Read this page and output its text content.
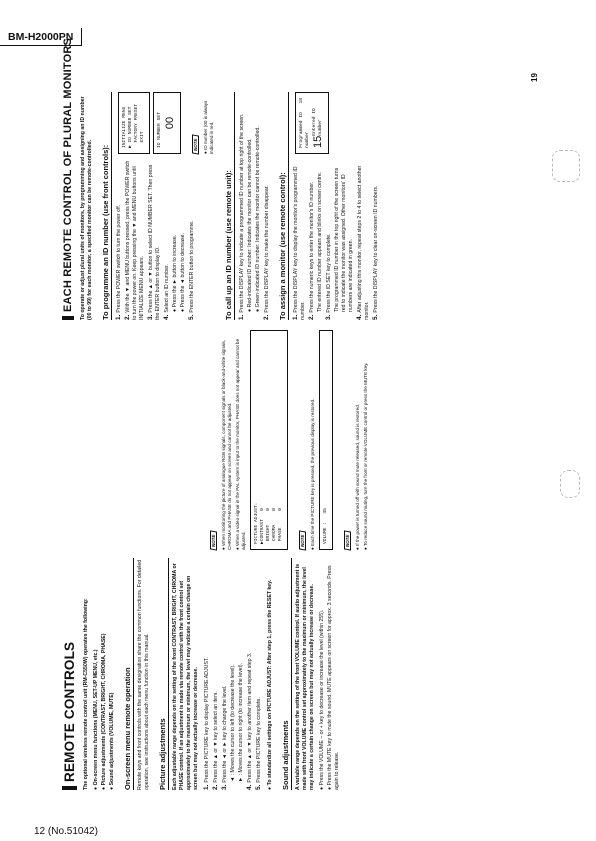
BM-H2000PN
12 (No.51042)
19
REMOTE CONTROLS The optional wireless remote control unit (RM-C550W) operates the following: ● On-screen menu functions (MENU, SET-UP MENU, etc.)
● Picture adjustments (CONTRAST, BRIGHT, CHROMA, PHASE)
● Sound adjustments (VOLUME, MUTE) On-screen menu remote operation Remote keys and front controls with the same designation share the common functions. For detailed operation, see instructions about each menu function in this manual. Picture adjustments Each adjustable range depends on the setting of the front CONTRAST, BRIGHT, CHROMA or PHASE control. If an adjustment is made via remote control with the front control set approximately to the maximum or minimum, the level may indicate a certain change on screen but may not actually increase or decrease. 1.Press the PICTURE key to display PICTURE ADJUST.
2.Press the ▲ or ▼ key to select an item.
3.Press the ◄ or ► key to change the level. ◄ : Moves the cursor to left (to decrease the level). ► : Moves the cursor to right (to increase the level).
4.Press the ▲ or ▼ key to another item and repeat step 3.
5.Press the PICTURE key to complete.
● To standardize all settings on PICTURE ADJUST: After step 1, press the RESET key. Sound adjustments A variable range depends on the setting of the front VOLUME control. If audio adjustment is made with front VOLUME control set approximately to the maximum or minimum, the level may indicate a certain change on screen but may not actually increase or decrease. ● Press the VOLUME – or + key to decrease or increase the level (within 255).
● Press the MUTE key to mute the sound. MUTE appears on screen for approx. 3 seconds. Press again to release.
NOTE
● When monitoring the picture of analogue RGB signals, component signals or black-and-white signals, CHROMA and PHASE do not appear on screen and cannot be adjusted. ● When a video signal in the PAL system is input to the monitor, PHASE does not appear and cannot be adjusted. PICTURE ADJUST: ▶CONTRAST   0 BRIGHT     0 CHROMA     0 PHASE      0	NOTE
● Each time the PICTURE key is pressed, the previous display is restored.	VOLUME :   45	NOTE
● If the power is turned off with sound mute released, sound is restored.
● To reduce sound muting, turn the front or remote VOLUME control or press the MUTE key.
EACH REMOTE CONTROL OF PLURAL MONITORS To operate or adjust plural units of monitors, by programming and assigning an ID number (00 to 99) for each monitor, a specified monitor can be remote-controlled. To programme an ID number (use front controls): 1.Press the POWER switch to turn the power off.
2.With the ▼ and MENU buttons pressed, press the POWER switch to turn the power on. Keep pressing the ▼ and MENU buttons until INITIALIZE MENU appears. 3.Press the ▲ or ▼ button to select ID NUMBER SET. Then press the ENTER button to display ID. 4.Select an ID number. ● Press the ► button to increase.
● Press the ◄ button to decrease.
5.Press the ENTER button to programme.
INITIALIZE MENU ▶ ID NUMBER SET FACTORY PRESET EXIT	ID NUMBER SET 00
NOTE
● ID number (00 is always indicated in red.
To call up an ID number (use remote unit): 1.Press the DISPLAY key to indicate a programmed ID number at top right of the screen. ● Red-indicated ID number: Indicates the monitor can be remote-controlled.
● Green-indicated ID number: Indicates the monitor cannot be remote-controlled.
2.Press the DISPLAY key to make the number disappear. To assign a monitor (use remote control): 1.Press the DISPLAY key to display the monitor's programmed ID number. 2.Press the numeric keys to enter the monitor's ID number. The entered ID number appears and blinks on screen centre.
3.Press the ID SET key to complete. The programmed ID number in the top right of the screen turns red to indicate the monitor was assigned. Other monitors' ID numbers are indicated in green.
4.After adjusting this monitor, repeat steps 2 to 4 to select another monitor. 5.Press the DISPLAY key to clear on-screen ID numbers.
Programmed ID number
18
15
Entered ID number
